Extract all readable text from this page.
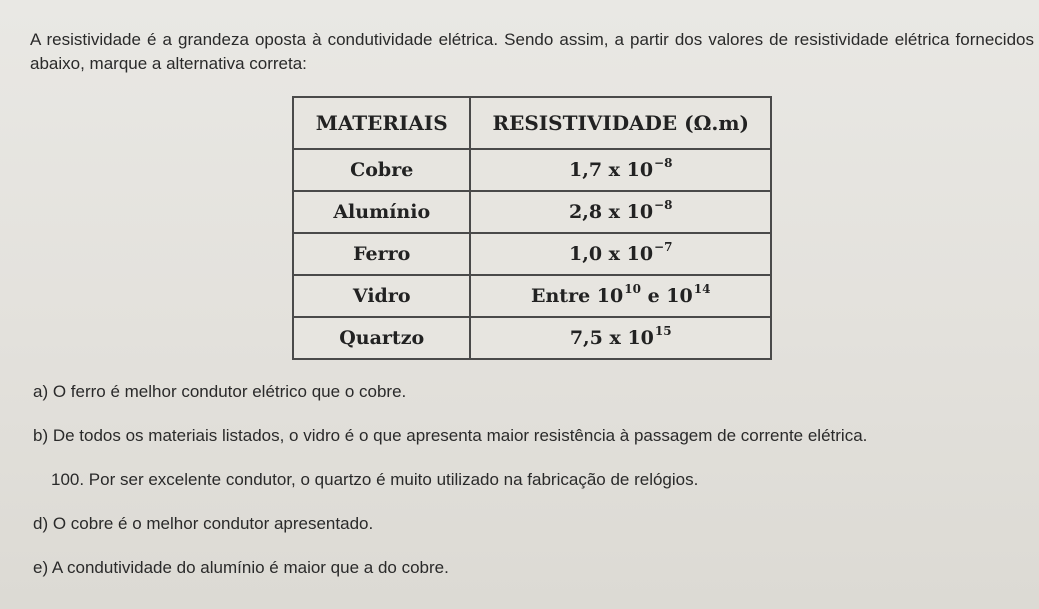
A resistividade é a grandeza oposta à condutividade elétrica. Sendo assim, a partir dos valores de resistividade elétrica fornecidos abaixo, marque a alternativa correta:

MATERIAIS	RESISTIVIDADE (Ω.m)
Cobre	1,7 x $10^{-8}$
Alumínio	2,8 x $10^{-8}$
Ferro	1,0 x $10^{-7}$
Vidro	Entre $10^{10}$ e $10^{14}$
Quartzo	7,5 x $10^{15}$
a) O ferro é melhor condutor elétrico que o cobre.
b) De todos os materiais listados, o vidro é o que apresenta maior resistência à passagem de corrente elétrica.
100. Por ser excelente condutor, o quartzo é muito utilizado na fabricação de relógios.
d) O cobre é o melhor condutor apresentado.
e) A condutividade do alumínio é maior que a do cobre.
